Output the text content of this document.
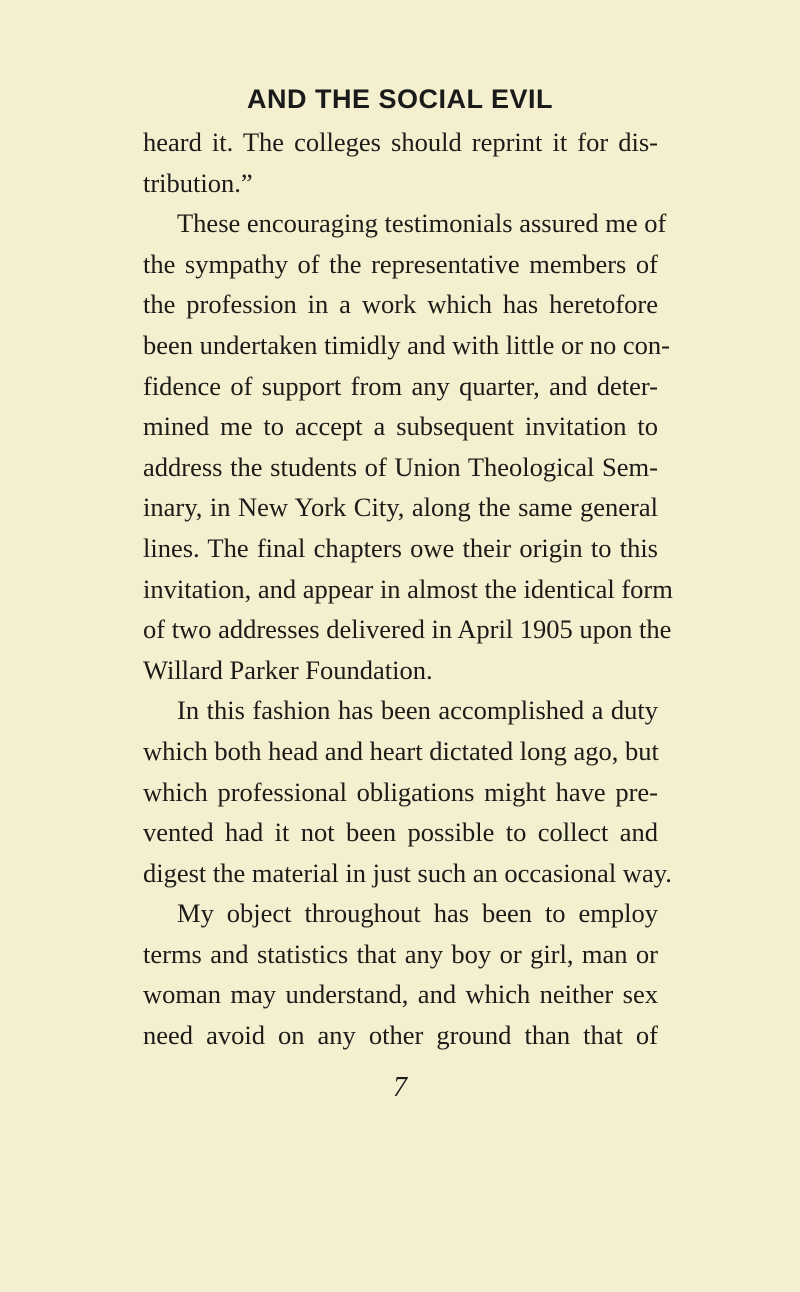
AND THE SOCIAL EVIL
heard it. The colleges should reprint it for dis-
tribution.”
These encouraging testimonials assured me of
the sympathy of the representative members of
the profession in a work which has heretofore
been undertaken timidly and with little or no con-
fidence of support from any quarter, and deter-
mined me to accept a subsequent invitation to
address the students of Union Theological Sem-
inary, in New York City, along the same general
lines. The final chapters owe their origin to this
invitation, and appear in almost the identical form
of two addresses delivered in April 1905 upon the
Willard Parker Foundation.
In this fashion has been accomplished a duty
which both head and heart dictated long ago, but
which professional obligations might have pre-
vented had it not been possible to collect and
digest the material in just such an occasional way.
My object throughout has been to employ
terms and statistics that any boy or girl, man or
woman may understand, and which neither sex
need avoid on any other ground than that of
7
